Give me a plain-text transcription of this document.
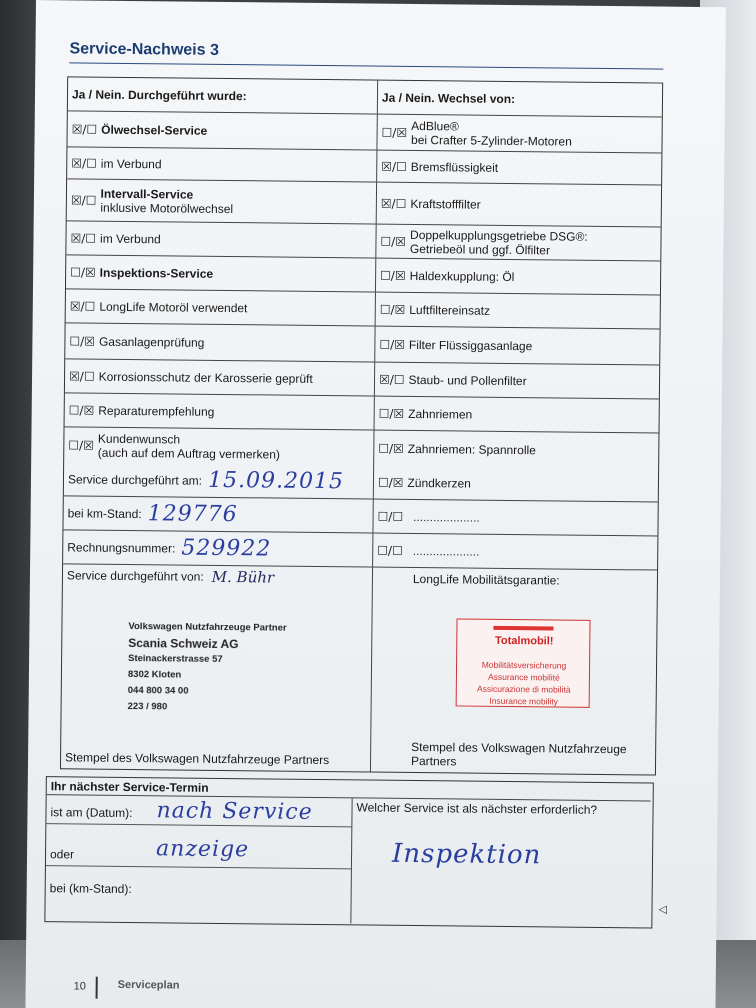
Service-Nachweis 3
Ja / Nein. Durchgeführt wurde:	Ja / Nein. Wechsel von:
☒/☐ Ölwechsel-Service	☐/☒ AdBlue®
bei Crafter 5-Zylinder-Motoren
☒/☐ im Verbund	☒/☐ Bremsflüssigkeit
☒/☐ Intervall-Service
inklusive Motorölwechsel	☒/☐ Kraftstofffilter
☒/☐ im Verbund	☐/☒ Doppelkupplungsgetriebe DSG®:
Getriebeöl und ggf. Ölfilter
☐/☒ Inspektions-Service	☐/☒ Haldexkupplung: Öl
☒/☐ LongLife Motoröl verwendet	☐/☒ Luftfiltereinsatz
☐/☒ Gasanlagenprüfung	☐/☒ Filter Flüssiggasanlage
☒/☐ Korrosionsschutz der Karosserie geprüft	☒/☐ Staub- und Pollenfilter
☐/☒ Reparaturempfehlung	☐/☒ Zahnriemen
☐/☒ Kundenwunsch
(auch auf dem Auftrag vermerken)	☐/☒ Zahnriemen: Spannrolle
Service durchgeführt am: 15.09.2015	☐/☒ Zündkerzen
bei km-Stand: 129776	☐/☐ ....................
Rechnungsnummer: 529922	☐/☐ ....................
Service durchgeführt von: M. Bühr
Volkswagen Nutzfahrzeuge Partner
Scania Schweiz AG
Steinackerstrasse 57
8302 Kloten
044 800 34 00
223 / 980
Stempel des Volkswagen Nutzfahrzeuge Partners
LongLife Mobilitätsgarantie:
Totalmobil!
Mobilitätsversicherung
Assurance mobilité
Assicurazione di mobilità
Insurance mobility
Stempel des Volkswagen Nutzfahrzeuge Partners
Ihr nächster Service-Termin
ist am (Datum): nach Service
oder	anzeige
bei (km-Stand):
Welcher Service ist als nächster erforderlich?
Inspektion
◁
10	Serviceplan
